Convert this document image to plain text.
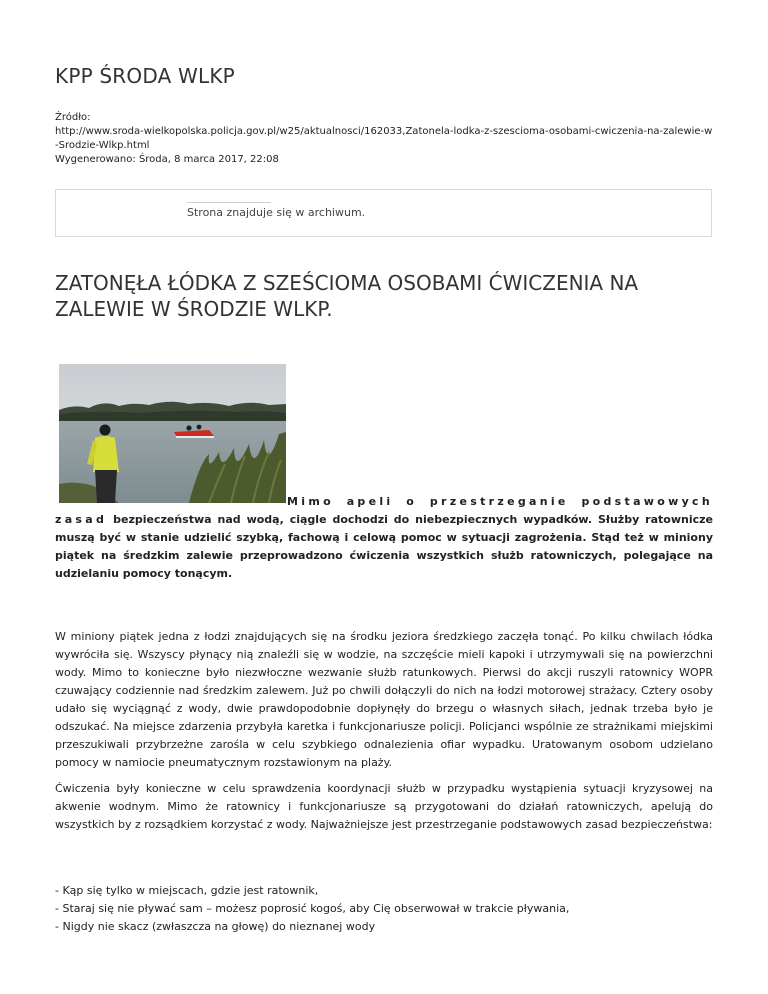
KPP ŚRODA WLKP
Źródło:
http://www.sroda-wielkopolska.policja.gov.pl/w25/aktualnosci/162033,Zatonela-lodka-z-szescioma-osobami-cwiczenia-na-zalewie-w-Srodzie-Wlkp.html
Wygenerowano: Środa, 8 marca 2017, 22:08
Strona znajduje się w archiwum.
ZATONĘŁA ŁÓDKA Z SZEŚCIOMA OSOBAMI ĆWICZENIA NA ZALEWIE W ŚRODZIE WLKP.

Mimo apeli o przestrzeganie podstawowych zasad bezpieczeństwa nad wodą, ciągle dochodzi do niebezpiecznych wypadków. Służby ratownicze muszą być w stanie udzielić szybką, fachową i celową pomoc w sytuacji zagrożenia. Stąd też w miniony piątek na średzkim zalewie przeprowadzono ćwiczenia wszystkich służb ratowniczych, polegające na udzielaniu pomocy tonącym.

W miniony piątek jedna z łodzi znajdujących się na środku jeziora średzkiego zaczęła tonąć. Po kilku chwilach łódka wywróciła się. Wszyscy płynący nią znaleźli się w wodzie, na szczęście mieli kapoki i utrzymywali się na powierzchni wody. Mimo to konieczne było niezwłoczne wezwanie służb ratunkowych. Pierwsi do akcji ruszyli ratownicy WOPR czuwający codziennie nad średzkim zalewem. Już po chwili dołączyli do nich na łodzi motorowej strażacy. Cztery osoby udało się wyciągnąć z wody, dwie prawdopodobnie dopłynęły do brzegu o własnych siłach, jednak trzeba było je odszukać. Na miejsce zdarzenia przybyła karetka i funkcjonariusze policji. Policjanci wspólnie ze strażnikami miejskimi przeszukiwali przybrzeżne zarośla w celu szybkiego odnalezienia ofiar wypadku. Uratowanym osobom udzielano pomocy w namiocie pneumatycznym rozstawionym na plaży.

Ćwiczenia były konieczne w celu sprawdzenia koordynacji służb w przypadku wystąpienia sytuacji kryzysowej na akwenie wodnym. Mimo że ratownicy i funkcjonariusze są przygotowani do działań ratowniczych, apelują do wszystkich by z rozsądkiem korzystać z wody. Najważniejsze jest przestrzeganie podstawowych zasad bezpieczeństwa:

- Kąp się tylko w miejscach, gdzie jest ratownik,
- Staraj się nie pływać sam – możesz poprosić kogoś, aby Cię obserwował w trakcie pływania,
- Nigdy nie skacz (zwłaszcza na głowę) do nieznanej wody
